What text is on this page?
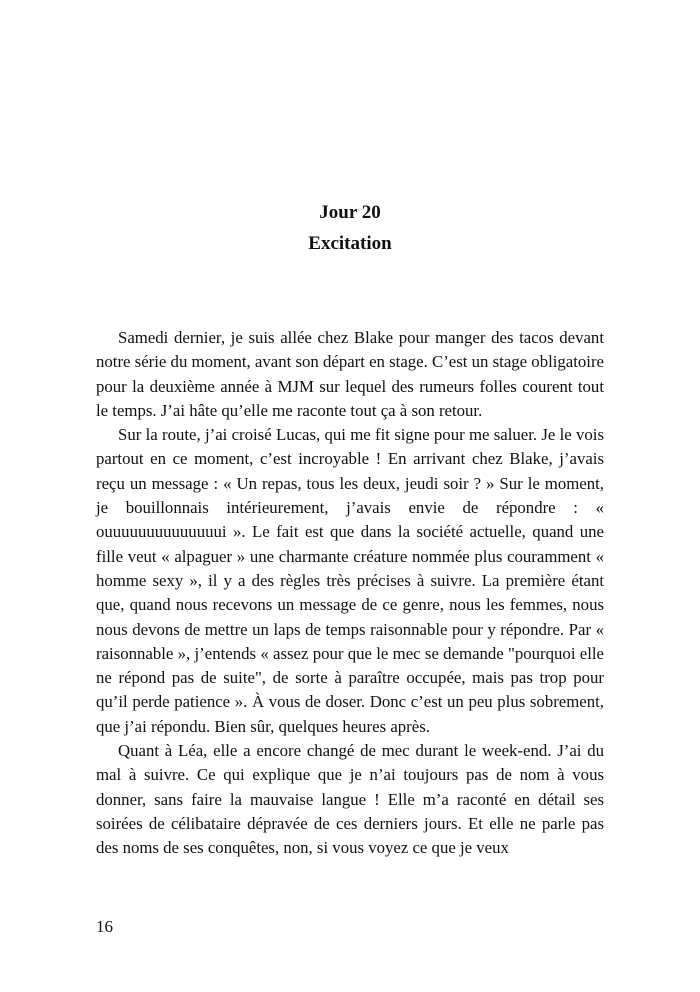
Jour 20
Excitation

Samedi dernier, je suis allée chez Blake pour manger des tacos devant notre série du moment, avant son départ en stage. C’est un stage obligatoire pour la deuxième année à MJM sur lequel des rumeurs folles courent tout le temps. J’ai hâte qu’elle me raconte tout ça à son retour.

Sur la route, j’ai croisé Lucas, qui me fit signe pour me saluer. Je le vois partout en ce moment, c’est incroyable ! En arrivant chez Blake, j’avais reçu un message : « Un repas, tous les deux, jeudi soir ? » Sur le moment, je bouillonnais intérieurement, j’avais envie de répondre : « ouuuuuuuuuuuuuui ». Le fait est que dans la société actuelle, quand une fille veut « alpaguer » une charmante créature nommée plus couramment « homme sexy », il y a des règles très précises à suivre. La première étant que, quand nous recevons un message de ce genre, nous les femmes, nous nous devons de mettre un laps de temps raisonnable pour y répondre. Par « raisonnable », j’entends « assez pour que le mec se demande "pourquoi elle ne répond pas de suite", de sorte à paraître occupée, mais pas trop pour qu’il perde patience ». À vous de doser. Donc c’est un peu plus sobrement, que j’ai répondu. Bien sûr, quelques heures après.

Quant à Léa, elle a encore changé de mec durant le week-end. J’ai du mal à suivre. Ce qui explique que je n’ai toujours pas de nom à vous donner, sans faire la mauvaise langue ! Elle m’a raconté en détail ses soirées de célibataire dépravée de ces derniers jours. Et elle ne parle pas des noms de ses conquêtes, non, si vous voyez ce que je veux

16
